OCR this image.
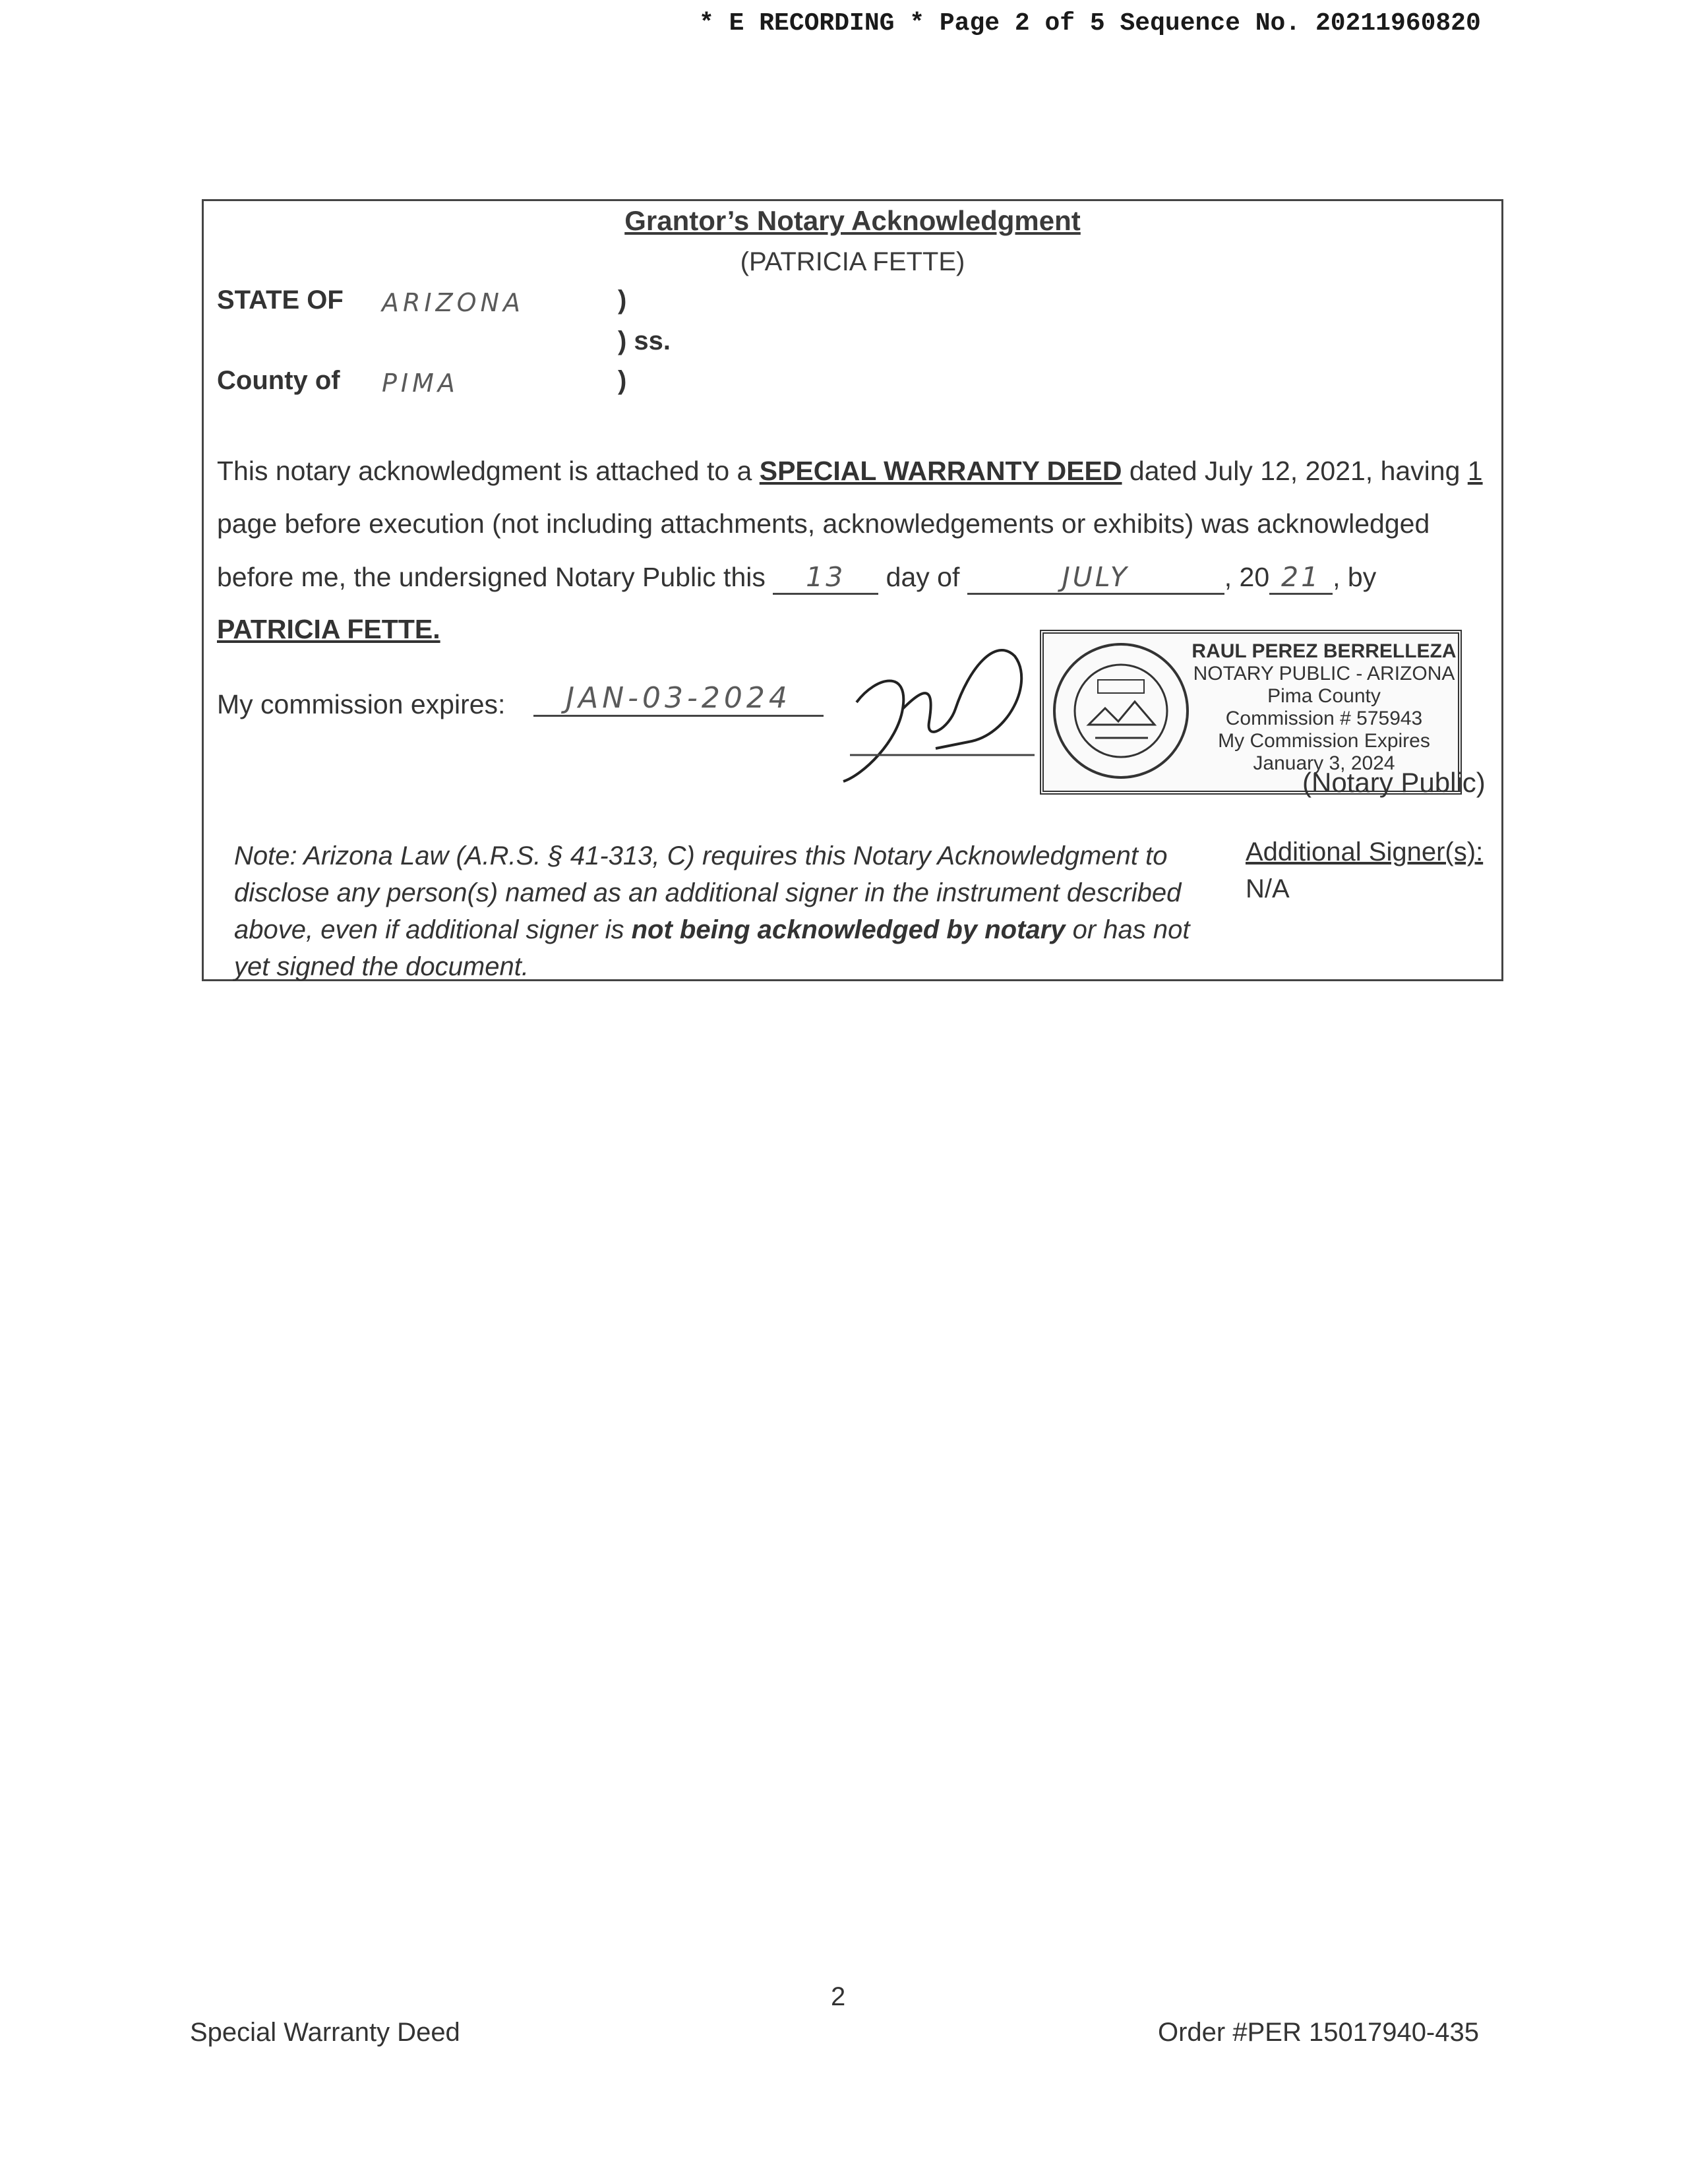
* E RECORDING * Page 2 of 5 Sequence No. 20211960820
Grantor’s Notary Acknowledgment
(PATRICIA FETTE)
STATE OF ARIZONA	)
) ss.
County of PIMA	)
This notary acknowledgment is attached to a SPECIAL WARRANTY DEED dated July 12, 2021, having 1
page before execution (not including attachments, acknowledgements or exhibits) was acknowledged
before me, the undersigned Notary Public this 13 day of	JULY	, 20 21 , by
PATRICIA FETTE.
My commission expires:	JAN-03-2024
RAUL PEREZ BERRELLEZA
NOTARY PUBLIC - ARIZONA
Pima County
Commission # 575943
My Commission Expires
January 3, 2024
(Notary Public)
Note: Arizona Law (A.R.S. § 41-313, C) requires this Notary Acknowledgment to disclose any person(s) named as an additional signer in the instrument described above, even if additional signer is not being acknowledged by notary or has not yet signed the document.
Additional Signer(s):
N/A
2
Special Warranty Deed	Order #PER 15017940-435
